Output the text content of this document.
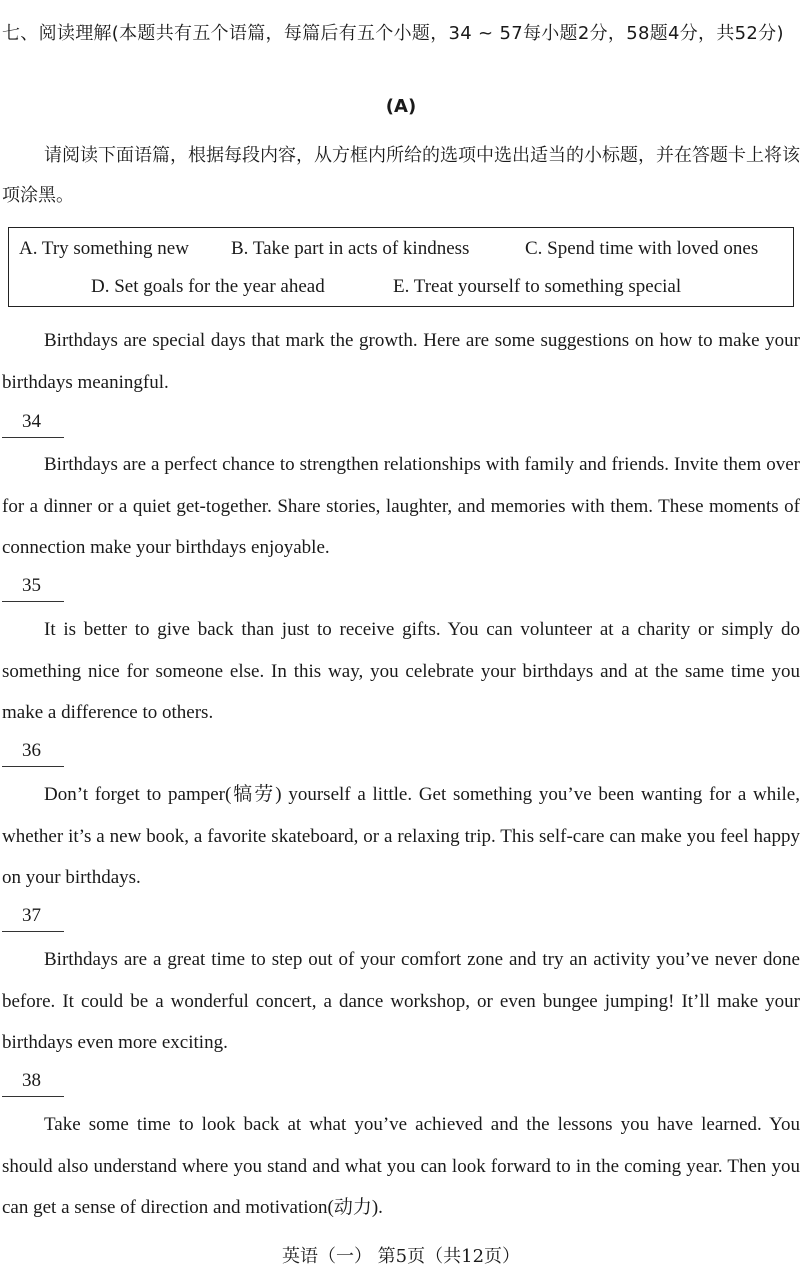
七、阅读理解(本题共有五个语篇，每篇后有五个小题，34 ~ 57每小题2分，58题4分，共52分)
(A)
请阅读下面语篇，根据每段内容，从方框内所给的选项中选出适当的小标题，并在答题卡上将该项涂黑。
A. Try something new B. Take part in acts of kindness	C. Spend time with loved ones
D. Set goals for the year ahead	E. Treat yourself to something special

Birthdays are special days that mark the growth. Here are some suggestions on how to make your birthdays meaningful.

34

Birthdays are a perfect chance to strengthen relationships with family and friends. Invite them over for a dinner or a quiet get-together. Share stories, laughter, and memories with them. These moments of connection make your birthdays enjoyable.

35

It is better to give back than just to receive gifts. You can volunteer at a charity or simply do something nice for someone else. In this way, you celebrate your birthdays and at the same time you make a difference to others.

36

Don’t forget to pamper(犒劳) yourself a little. Get something you’ve been wanting for a while, whether it’s a new book, a favorite skateboard, or a relaxing trip. This self-care can make you feel happy on your birthdays.

37

Birthdays are a great time to step out of your comfort zone and try an activity you’ve never done before. It could be a wonderful concert, a dance workshop, or even bungee jumping! It’ll make your birthdays even more exciting.

38

Take some time to look back at what you’ve achieved and the lessons you have learned. You should also understand where you stand and what you can look forward to in the coming year. Then you can get a sense of direction and motivation(动力).

英语（一） 第5页（共12页）
